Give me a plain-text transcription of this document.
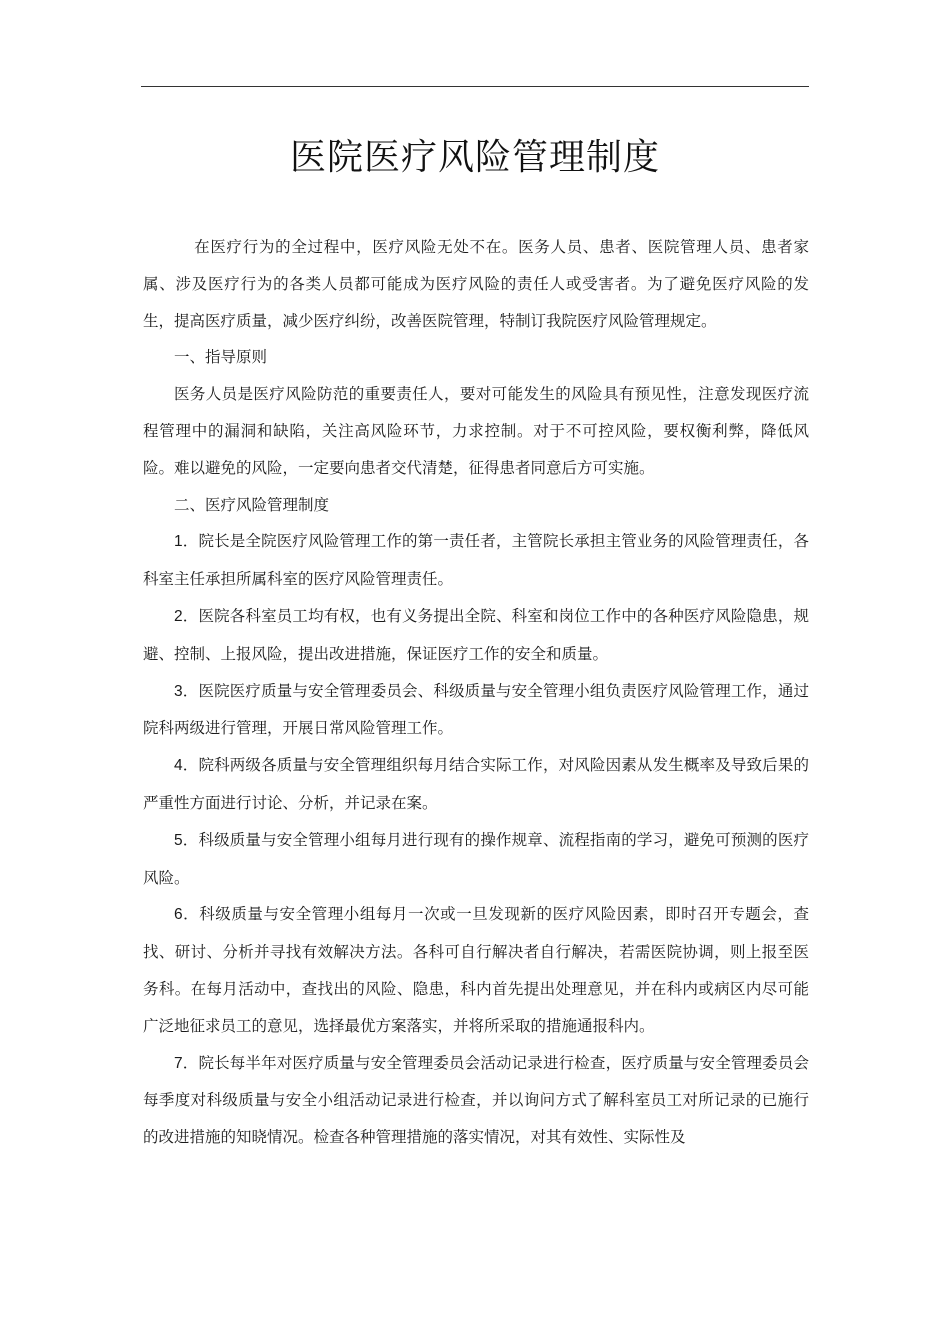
医院医疗风险管理制度

在医疗行为的全过程中，医疗风险无处不在。医务人员、患者、医院管理人员、患者家属、涉及医疗行为的各类人员都可能成为医疗风险的责任人或受害者。为了避免医疗风险的发生，提高医疗质量，减少医疗纠纷，改善医院管理，特制订我院医疗风险管理规定。

一、指导原则

医务人员是医疗风险防范的重要责任人，要对可能发生的风险具有预见性，注意发现医疗流程管理中的漏洞和缺陷，关注高风险环节，力求控制。对于不可控风险，要权衡利弊，降低风险。难以避免的风险，一定要向患者交代清楚，征得患者同意后方可实施。

二、医疗风险管理制度

1．院长是全院医疗风险管理工作的第一责任者，主管院长承担主管业务的风险管理责任，各科室主任承担所属科室的医疗风险管理责任。

2．医院各科室员工均有权，也有义务提出全院、科室和岗位工作中的各种医疗风险隐患，规避、控制、上报风险，提出改进措施，保证医疗工作的安全和质量。

3．医院医疗质量与安全管理委员会、科级质量与安全管理小组负责医疗风险管理工作，通过院科两级进行管理，开展日常风险管理工作。

4．院科两级各质量与安全管理组织每月结合实际工作，对风险因素从发生概率及导致后果的严重性方面进行讨论、分析，并记录在案。

5．科级质量与安全管理小组每月进行现有的操作规章、流程指南的学习，避免可预测的医疗风险。

6．科级质量与安全管理小组每月一次或一旦发现新的医疗风险因素，即时召开专题会，查找、研讨、分析并寻找有效解决方法。各科可自行解决者自行解决，若需医院协调，则上报至医务科。在每月活动中，查找出的风险、隐患，科内首先提出处理意见，并在科内或病区内尽可能广泛地征求员工的意见，选择最优方案落实，并将所采取的措施通报科内。

7．院长每半年对医疗质量与安全管理委员会活动记录进行检查，医疗质量与安全管理委员会每季度对科级质量与安全小组活动记录进行检查，并以询问方式了解科室员工对所记录的已施行的改进措施的知晓情况。检查各种管理措施的落实情况，对其有效性、实际性及
